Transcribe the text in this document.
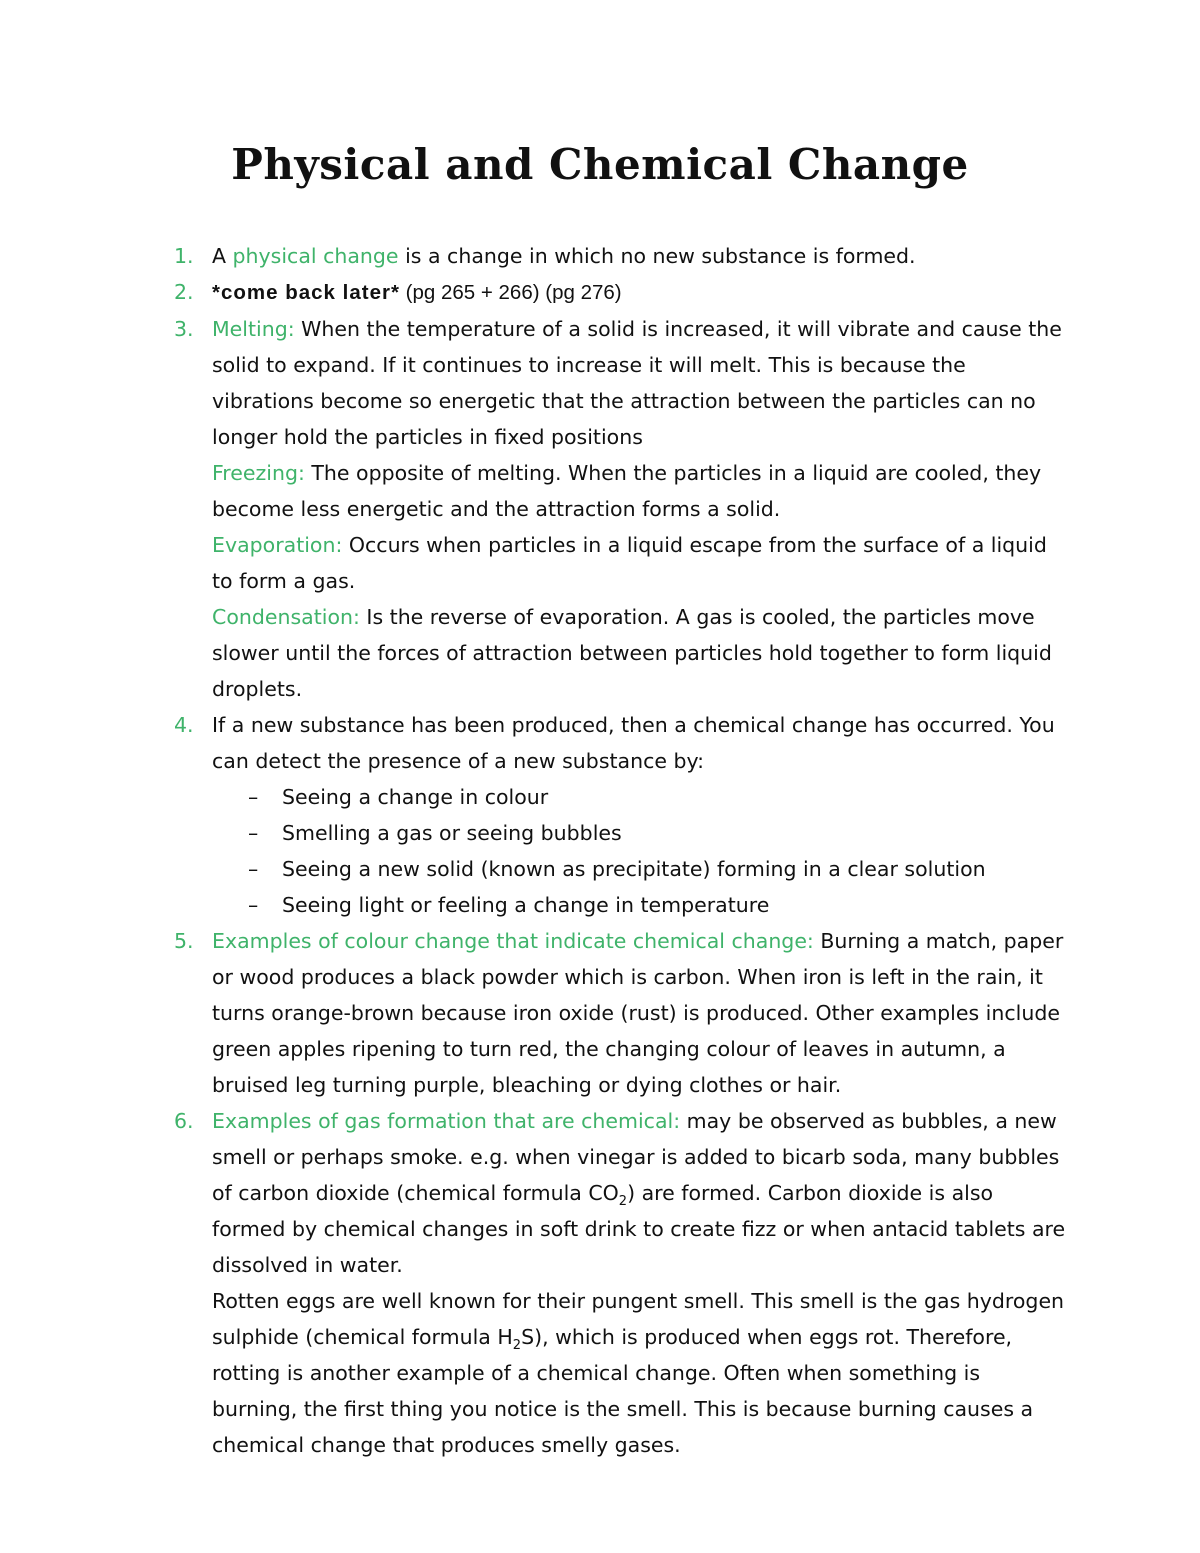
Physical and Chemical Change
1. A physical change is a change in which no new substance is formed.
2. *come back later* (pg 265 + 266) (pg 276)
3. Melting: When the temperature of a solid is increased, it will vibrate and cause the solid to expand. If it continues to increase it will melt. This is because the vibrations become so energetic that the attraction between the particles can no longer hold the particles in fixed positions
Freezing: The opposite of melting. When the particles in a liquid are cooled, they become less energetic and the attraction forms a solid.
Evaporation: Occurs when particles in a liquid escape from the surface of a liquid to form a gas.
Condensation: Is the reverse of evaporation. A gas is cooled, the particles move slower until the forces of attraction between particles hold together to form liquid droplets.
4. If a new substance has been produced, then a chemical change has occurred. You can detect the presence of a new substance by:
– Seeing a change in colour
– Smelling a gas or seeing bubbles
– Seeing a new solid (known as precipitate) forming in a clear solution
– Seeing light or feeling a change in temperature
5. Examples of colour change that indicate chemical change: Burning a match, paper or wood produces a black powder which is carbon. When iron is left in the rain, it turns orange-brown because iron oxide (rust) is produced. Other examples include green apples ripening to turn red, the changing colour of leaves in autumn, a bruised leg turning purple, bleaching or dying clothes or hair.
6. Examples of gas formation that are chemical: may be observed as bubbles, a new smell or perhaps smoke. e.g. when vinegar is added to bicarb soda, many bubbles of carbon dioxide (chemical formula $CO_2$) are formed. Carbon dioxide is also formed by chemical changes in soft drink to create fizz or when antacid tablets are dissolved in water.
Rotten eggs are well known for their pungent smell. This smell is the gas hydrogen sulphide (chemical formula $H_2S$), which is produced when eggs rot. Therefore, rotting is another example of a chemical change. Often when something is burning, the first thing you notice is the smell. This is because burning causes a chemical change that produces smelly gases.
